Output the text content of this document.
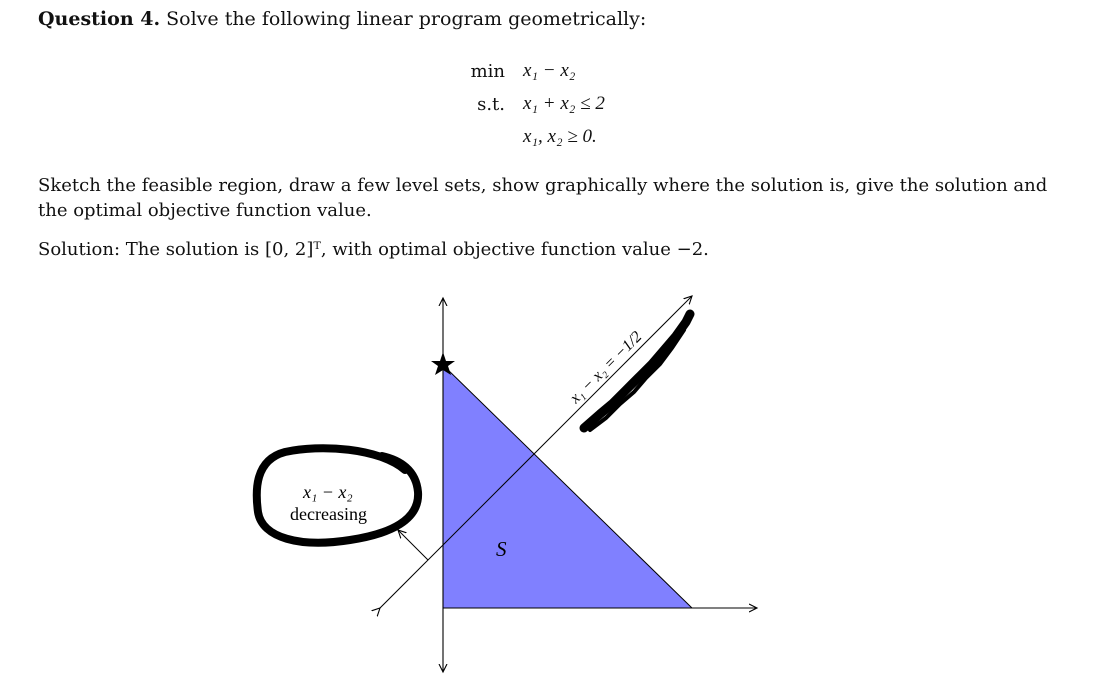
Question 4. Solve the following linear program geometrically:
min x₁ − x₂
s.t. x₁ + x₂ ≤ 2
x₁, x₂ ≥ 0.
Sketch the feasible region, draw a few level sets, show graphically where the solution is, give the solution and the optimal objective function value.
Solution: The solution is [0, 2]ᵀ, with optimal objective function value −2.
S
x₁ − x₂ = −1/2
x₁ − x₂
decreasing
